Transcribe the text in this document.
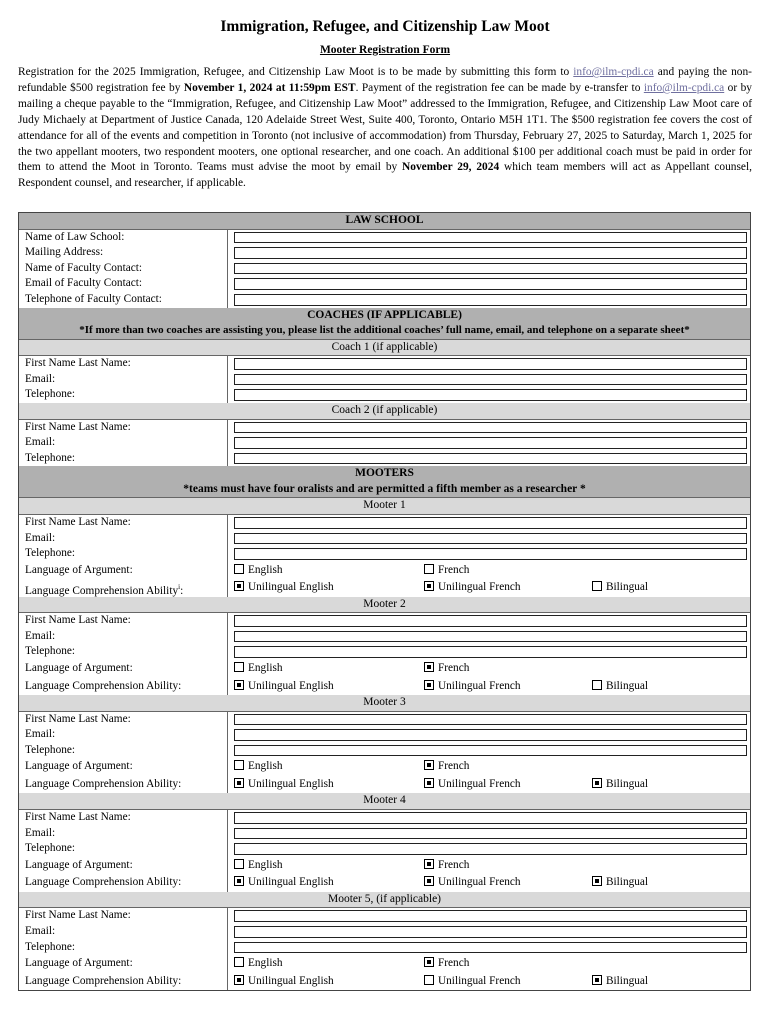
Immigration, Refugee, and Citizenship Law Moot
Mooter Registration Form
Registration for the 2025 Immigration, Refugee, and Citizenship Law Moot is to be made by submitting this form to info@ilm-cpdi.ca and paying the non-refundable $500 registration fee by November 1, 2024 at 11:59pm EST. Payment of the registration fee can be made by e-transfer to info@ilm-cpdi.ca or by mailing a cheque payable to the “Immigration, Refugee, and Citizenship Law Moot” addressed to the Immigration, Refugee, and Citizenship Law Moot care of Judy Michaely at Department of Justice Canada, 120 Adelaide Street West, Suite 400, Toronto, Ontario M5H 1T1. The $500 registration fee covers the cost of attendance for all of the events and competition in Toronto (not inclusive of accommodation) from Thursday, February 27, 2025 to Saturday, March 1, 2025 for the two appellant mooters, two respondent mooters, one optional researcher, and one coach. An additional $100 per additional coach must be paid in order for them to attend the Moot in Toronto. Teams must advise the moot by email by November 29, 2024 which team members will act as Appellant counsel, Respondent counsel, and researcher, if applicable.
LAW SCHOOL
Name of Law School:
Mailing Address:
Name of Faculty Contact:
Email of Faculty Contact:
Telephone of Faculty Contact:
COACHES (IF APPLICABLE)
*If more than two coaches are assisting you, please list the additional coaches’ full name, email, and telephone on a separate sheet*
Coach 1 (if applicable)
First Name Last Name:
Email:
Telephone:
Coach 2 (if applicable)
First Name Last Name:
Email:
Telephone:
MOOTERS
*teams must have four oralists and are permitted a fifth member as a researcher *
Mooter 1
First Name Last Name:
Email:
Telephone:
Language of Argument:	English	French
Language Comprehension Ability$^i$:	Unilingual English	Unilingual French	Bilingual
Mooter 2
First Name Last Name:
Email:
Telephone:
Language of Argument:	English	French
Language Comprehension Ability:	Unilingual English	Unilingual French	Bilingual
Mooter 3
First Name Last Name:
Email:
Telephone:
Language of Argument:	English	French
Language Comprehension Ability:	Unilingual English	Unilingual French	Bilingual
Mooter 4
First Name Last Name:
Email:
Telephone:
Language of Argument:	English	French
Language Comprehension Ability:	Unilingual English	Unilingual French	Bilingual
Mooter 5, (if applicable)
First Name Last Name:
Email:
Telephone:
Language of Argument:	English	French
Language Comprehension Ability:	Unilingual English	Unilingual French	Bilingual
